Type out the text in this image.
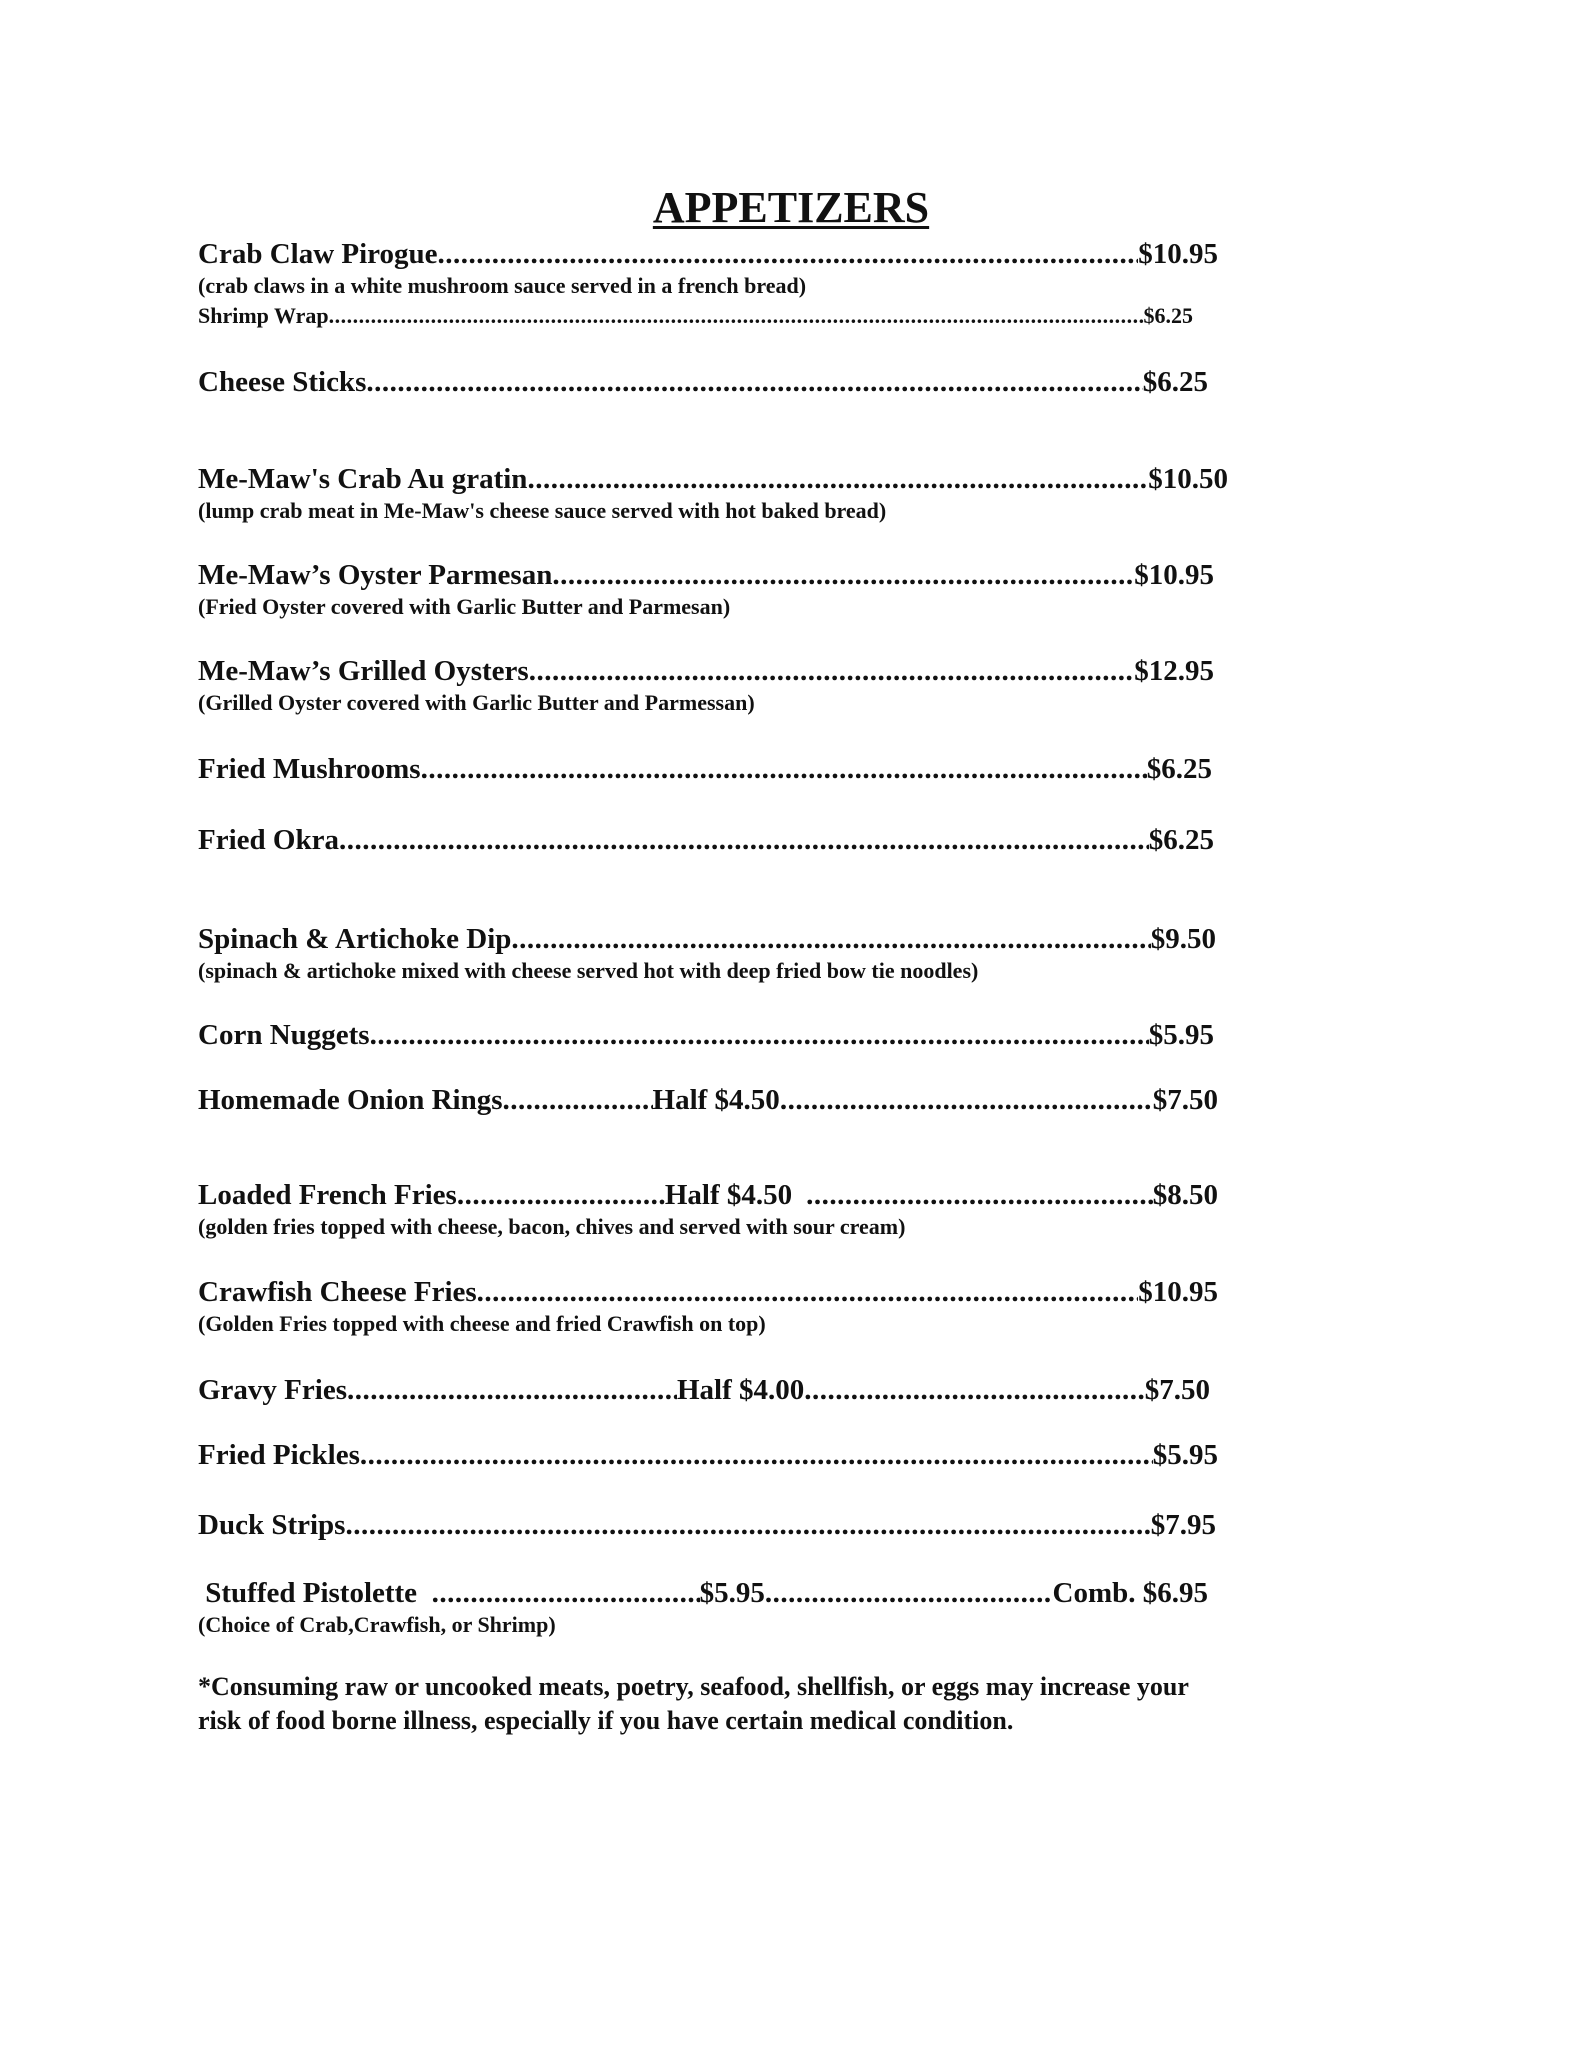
APPETIZERS
Crab Claw Pirogue .....	$10.95
(crab claws in a white mushroom sauce served in a french bread)
Shrimp Wrap .....	$6.25
Cheese Sticks .....	$6.25
Me-Maw's Crab Au gratin .....	$10.50
(lump crab meat in Me-Maw's cheese sauce served with hot baked bread)
Me-Maw’s Oyster Parmesan .....	$10.95
(Fried Oyster covered with Garlic Butter and Parmesan)
Me-Maw’s Grilled Oysters .....	$12.95
(Grilled Oyster covered with Garlic Butter and Parmessan)
Fried Mushrooms .....	$6.25
Fried Okra .....	$6.25
Spinach & Artichoke Dip .....	$9.50
(spinach & artichoke mixed with cheese served hot with deep fried bow tie noodles)
Corn Nuggets .....	$5.95
Homemade Onion Rings .....	Half $4.50 .....	$7.50
Loaded French Fries .....	Half $4.50 .....	$8.50
(golden fries topped with cheese, bacon, chives and served with sour cream)
Crawfish Cheese Fries .....	$10.95
(Golden Fries topped with cheese and fried Crawfish on top)
Gravy Fries .....	Half $4.00 .....	$7.50
Fried Pickles .....	$5.95
Duck Strips .....	$7.95
Stuffed Pistolette .....	$5.95 .....	Comb. $6.95
(Choice of Crab,Crawfish, or Shrimp)
*Consuming raw or uncooked meats, poetry, seafood, shellfish, or eggs may increase your
risk of food borne illness, especially if you have certain medical condition.
